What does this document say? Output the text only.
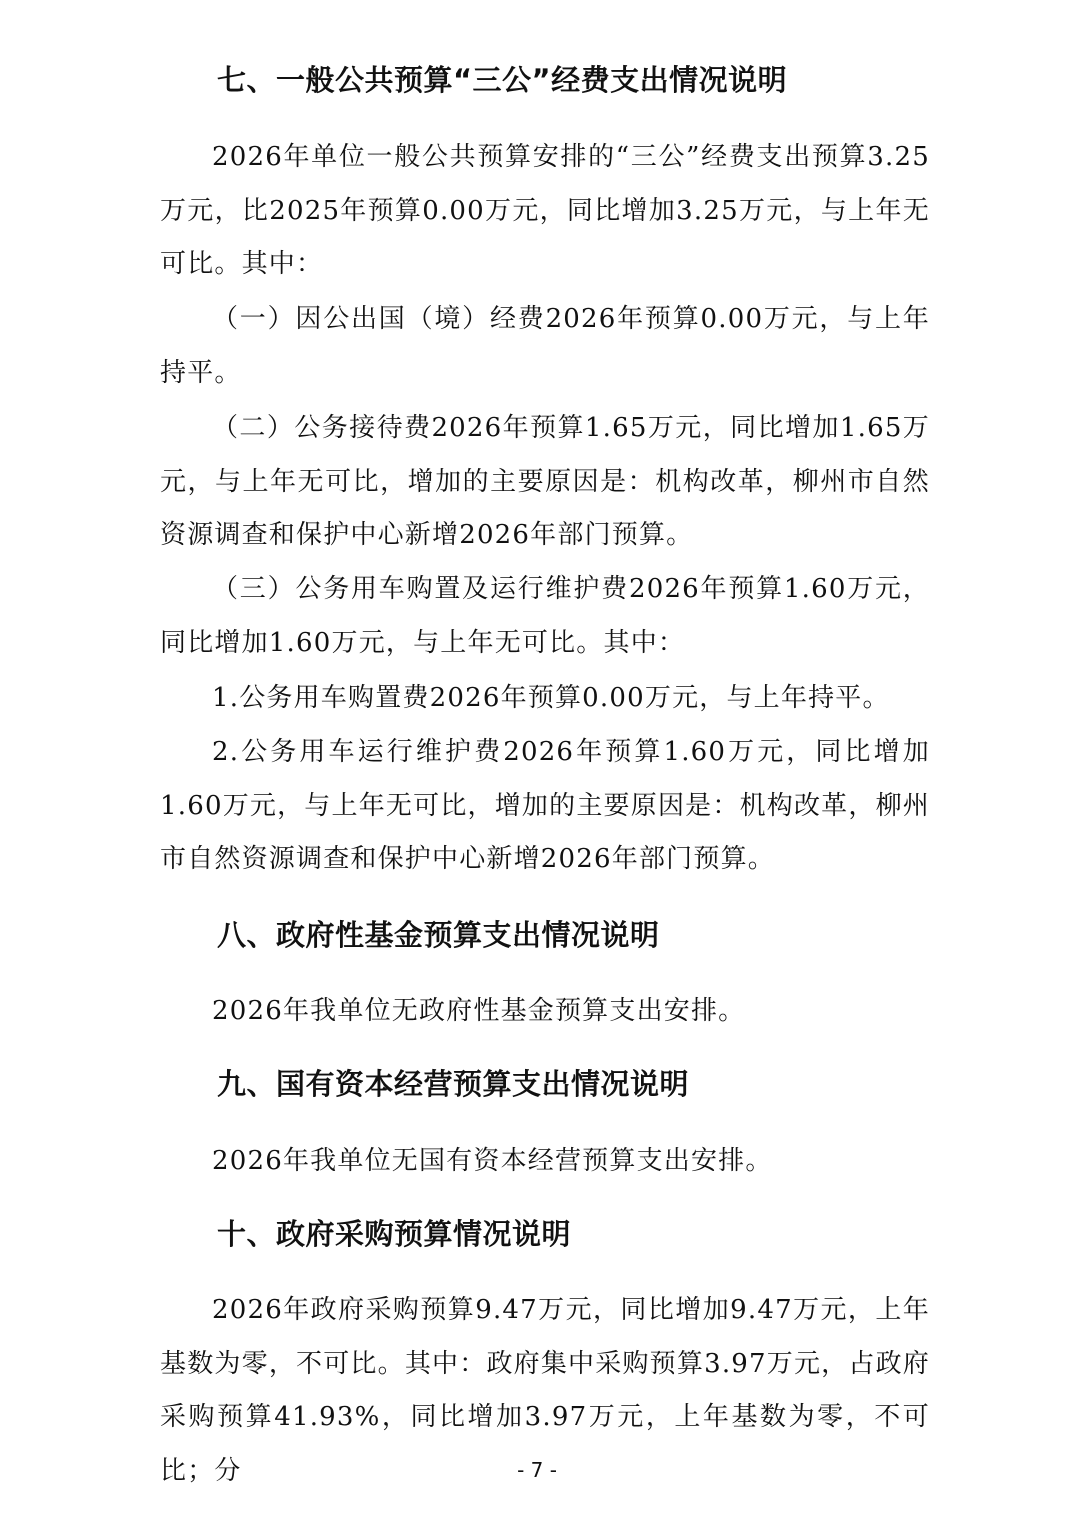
七、一般公共预算“三公”经费支出情况说明
2026年单位一般公共预算安排的“三公”经费支出预算3.25万元，比2025年预算0.00万元，同比增加3.25万元，与上年无可比。其中：
（一）因公出国（境）经费2026年预算0.00万元，与上年持平。
（二）公务接待费2026年预算1.65万元，同比增加1.65万元，与上年无可比，增加的主要原因是：机构改革，柳州市自然资源调查和保护中心新增2026年部门预算。
（三）公务用车购置及运行维护费2026年预算1.60万元，同比增加1.60万元，与上年无可比。其中：
1.公务用车购置费2026年预算0.00万元，与上年持平。
2.公务用车运行维护费2026年预算1.60万元，同比增加1.60万元，与上年无可比，增加的主要原因是：机构改革，柳州市自然资源调查和保护中心新增2026年部门预算。
八、政府性基金预算支出情况说明
2026年我单位无政府性基金预算支出安排。
九、国有资本经营预算支出情况说明
2026年我单位无国有资本经营预算支出安排。
十、政府采购预算情况说明
2026年政府采购预算9.47万元，同比增加9.47万元，上年基数为零，不可比。其中：政府集中采购预算3.97万元，占政府采购预算41.93%，同比增加3.97万元，上年基数为零，不可比；分	- 7 -
